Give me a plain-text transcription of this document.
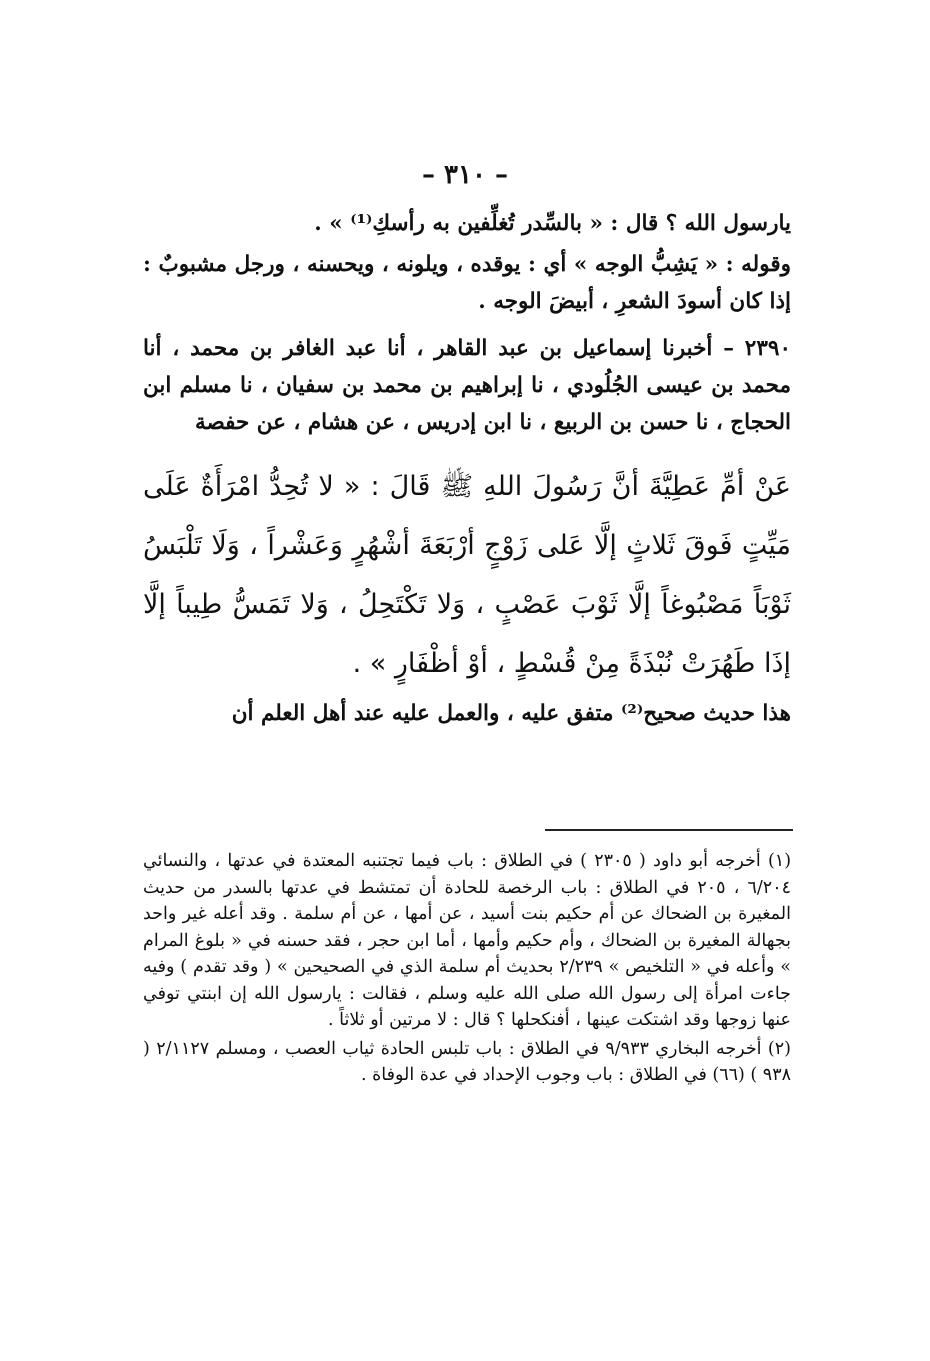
– ٣١٠ –

يارسول الله ؟ قال : « بالسِّدر تُغلِّفين به رأسكِ⁽¹⁾ » .

وقوله : « يَشِبُّ الوجه » أي : يوقده ، ويلونه ، ويحسنه ، ورجل مشبوبٌ : إذا كان أسودَ الشعرِ ، أبيضَ الوجه .

٢٣٩٠ – أخبرنا إسماعيل بن عبد القاهر ، أنا عبد الغافر بن محمد ، أنا محمد بن عيسى الجُلُودي ، نا إبراهيم بن محمد بن سفيان ، نا مسلم ابن الحجاج ، نا حسن بن الربيع ، نا ابن إدريس ، عن هشام ، عن حفصة

عَنْ أمِّ عَطِيَّةَ أنَّ رَسُولَ اللهِ ﷺ قَالَ : « لا تُحِدُّ امْرَأَةٌ عَلَى مَيِّتٍ فَوقَ ثَلاثٍ إلَّا عَلى زَوْجٍ أرْبَعَةَ أشْهُرٍ وَعَشْراً ، وَلَا تَلْبَسُ ثَوْبَاً مَصْبُوغاً إلَّا ثَوْبَ عَصْبٍ ، وَلا تَكْتَحِلُ ، وَلا تَمَسُّ طِيباً إلَّا إذَا طَهُرَتْ نُبْذَةً مِنْ قُسْطٍ ، أوْ أظْفَارٍ » .

هذا حديث صحيح⁽²⁾ متفق عليه ، والعمل عليه عند أهل العلم أن

(١) أخرجه أبو داود ( ٢٣٠٥ ) في الطلاق : باب فيما تجتنبه المعتدة في عدتها ، والنسائي ٦/٢٠٤ ، ٢٠٥ في الطلاق : باب الرخصة للحادة أن تمتشط في عدتها بالسدر من حديث المغيرة بن الضحاك عن أم حكيم بنت أسيد ، عن أمها ، عن أم سلمة . وقد أعله غير واحد بجهالة المغيرة بن الضحاك ، وأم حكيم وأمها ، أما ابن حجر ، فقد حسنه في « بلوغ المرام » وأعله في « التلخيص » ٢/٢٣٩ بحديث أم سلمة الذي في الصحيحين » ( وقد تقدم ) وفيه جاءت امرأة إلى رسول الله صلى الله عليه وسلم ، فقالت : يارسول الله إن ابنتي توفي عنها زوجها وقد اشتكت عينها ، أفنكحلها ؟ قال : لا مرتين أو ثلاثاً .

(٢) أخرجه البخاري ٩/٩٣٣ في الطلاق : باب تلبس الحادة ثياب العصب ، ومسلم ٢/١١٢٧ ( ٩٣٨ ) (٦٦) في الطلاق : باب وجوب الإحداد في عدة الوفاة .
